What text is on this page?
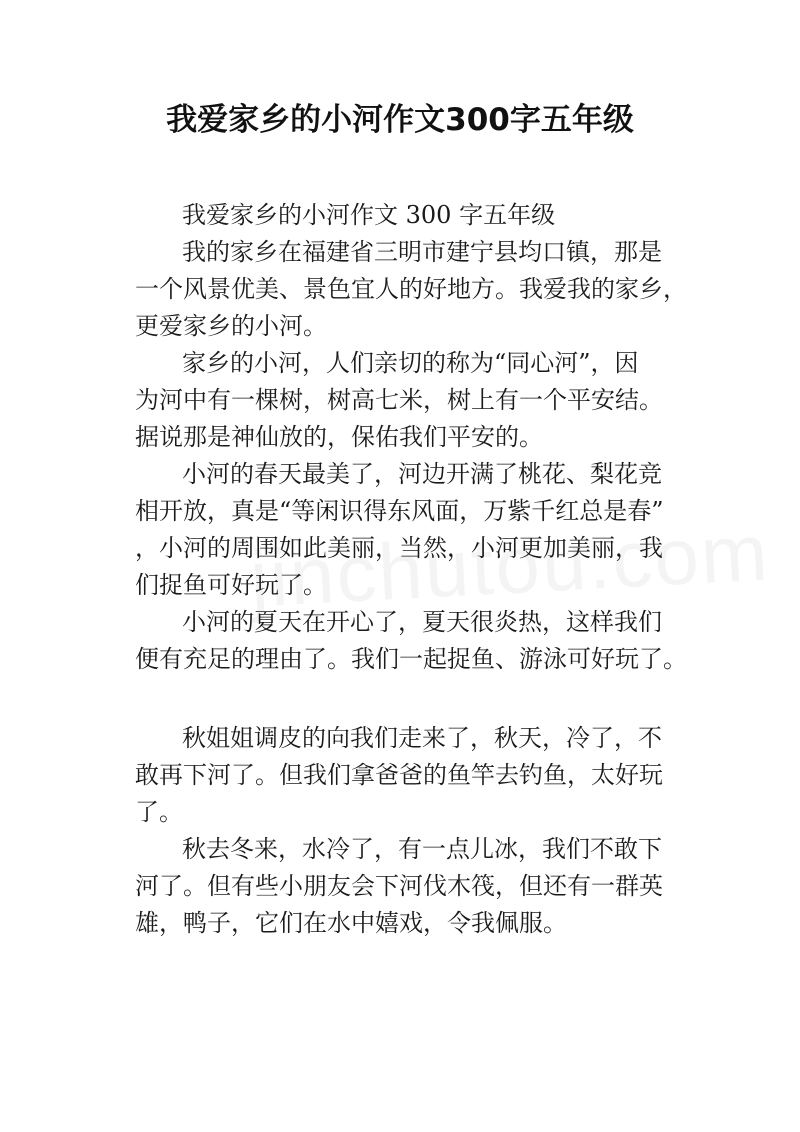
我爱家乡的小河作文300字五年级
我爱家乡的小河作文 300 字五年级
我的家乡在福建省三明市建宁县均口镇，那是
一个风景优美、景色宜人的好地方。我爱我的家乡，
更爱家乡的小河。
家乡的小河，人们亲切的称为“同心河”，因
为河中有一棵树，树高七米，树上有一个平安结。
据说那是神仙放的，保佑我们平安的。
小河的春天最美了，河边开满了桃花、梨花竞
相开放，真是“等闲识得东风面，万紫千红总是春”
，小河的周围如此美丽，当然，小河更加美丽，我
们捉鱼可好玩了。
小河的夏天在开心了，夏天很炎热，这样我们
便有充足的理由了。我们一起捉鱼、游泳可好玩了。
秋姐姐调皮的向我们走来了，秋天，冷了，不
敢再下河了。但我们拿爸爸的鱼竿去钓鱼，太好玩
了。
秋去冬来，水冷了，有一点儿冰，我们不敢下
河了。但有些小朋友会下河伐木筏，但还有一群英
雄，鸭子，它们在水中嬉戏，令我佩服。
